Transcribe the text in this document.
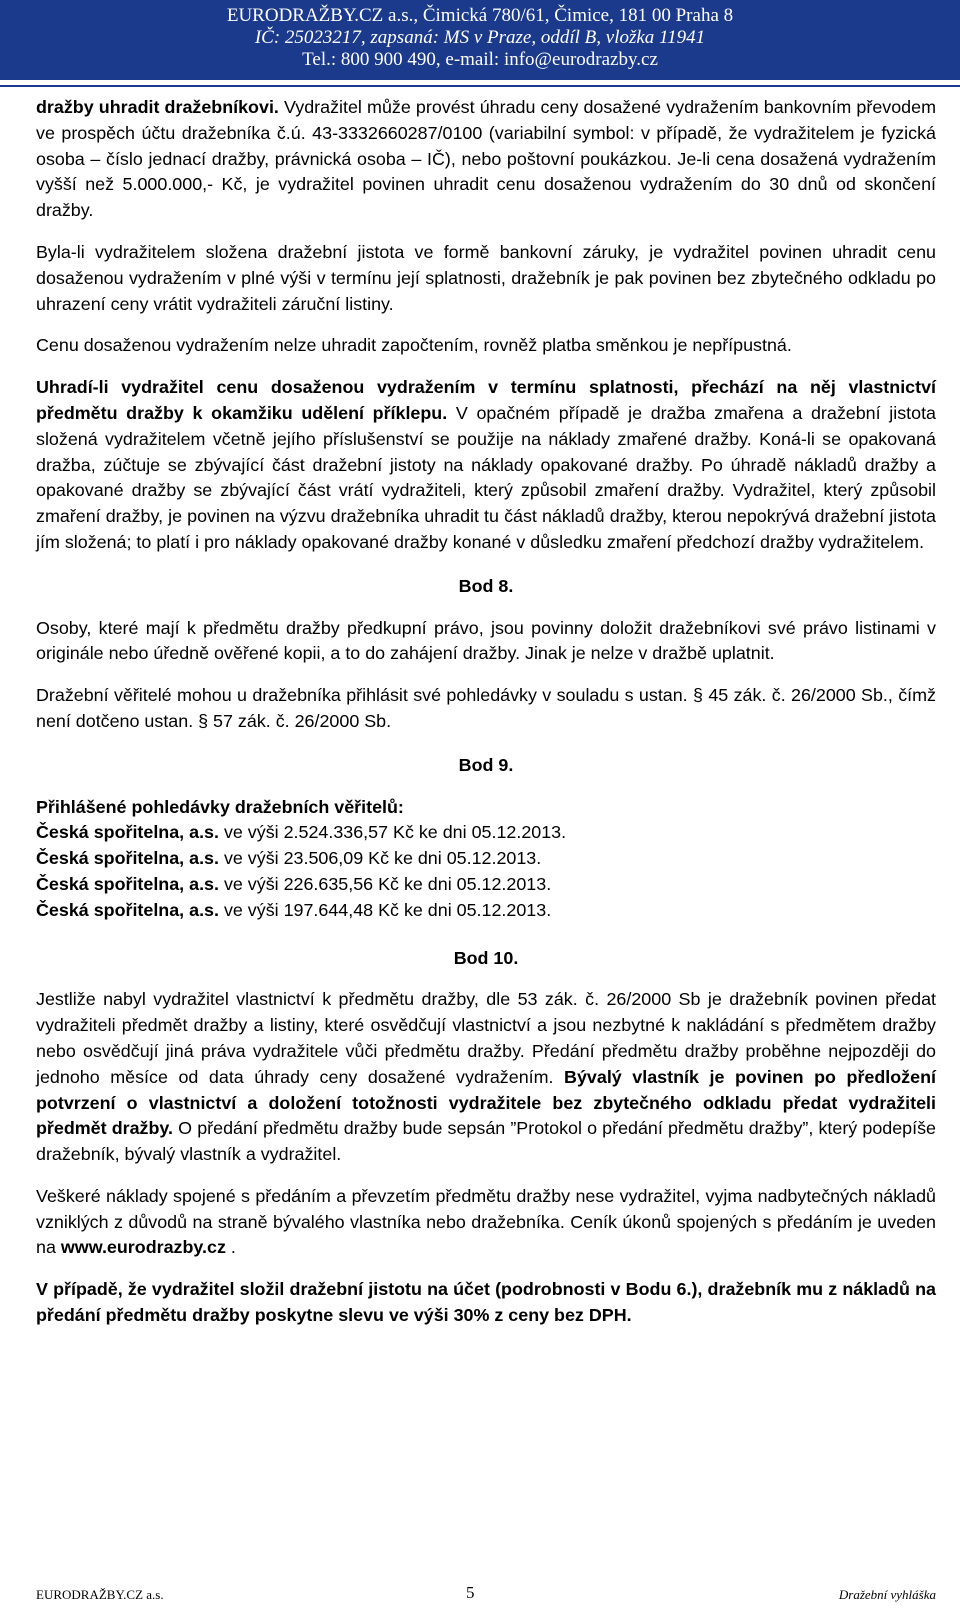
EURODRAŽBY.CZ a.s., Čimická 780/61, Čimice, 181 00 Praha 8
IČ: 25023217, zapsaná: MS v Praze, oddíl B, vložka 11941
Tel.: 800 900 490, e-mail: info@eurodrazby.cz

dražby uhradit dražebníkovi. Vydražitel může provést úhradu ceny dosažené vydražením bankovním převodem ve prospěch účtu dražebníka č.ú. 43-3332660287/0100 (variabilní symbol: v případě, že vydražitelem je fyzická osoba – číslo jednací dražby, právnická osoba – IČ), nebo poštovní poukázkou. Je-li cena dosažená vydražením vyšší než 5.000.000,- Kč, je vydražitel povinen uhradit cenu dosaženou vydražením do 30 dnů od skončení dražby.

Byla-li vydražitelem složena dražební jistota ve formě bankovní záruky, je vydražitel povinen uhradit cenu dosaženou vydražením v plné výši v termínu její splatnosti, dražebník je pak povinen bez zbytečného odkladu po uhrazení ceny vrátit vydražiteli záruční listiny.

Cenu dosaženou vydražením nelze uhradit započtením, rovněž platba směnkou je nepřípustná.

Uhradí-li vydražitel cenu dosaženou vydražením v termínu splatnosti, přechází na něj vlastnictví předmětu dražby k okamžiku udělení příklepu. V opačném případě je dražba zmařena a dražební jistota složená vydražitelem včetně jejího příslušenství se použije na náklady zmařené dražby. Koná-li se opakovaná dražba, zúčtuje se zbývající část dražební jistoty na náklady opakované dražby. Po úhradě nákladů dražby a opakované dražby se zbývající část vrátí vydražiteli, který způsobil zmaření dražby. Vydražitel, který způsobil zmaření dražby, je povinen na výzvu dražebníka uhradit tu část nákladů dražby, kterou nepokrývá dražební jistota jím složená; to platí i pro náklady opakované dražby konané v důsledku zmaření předchozí dražby vydražitelem.

Bod 8.

Osoby, které mají k předmětu dražby předkupní právo, jsou povinny doložit dražebníkovi své právo listinami v originále nebo úředně ověřené kopii, a to do zahájení dražby. Jinak je nelze v dražbě uplatnit.

Dražební věřitelé mohou u dražebníka přihlásit své pohledávky v souladu s ustan. § 45 zák. č. 26/2000 Sb., čímž není dotčeno ustan. § 57 zák. č. 26/2000 Sb.

Bod 9.

Přihlášené pohledávky dražebních věřitelů:
Česká spořitelna, a.s. ve výši 2.524.336,57 Kč ke dni 05.12.2013.
Česká spořitelna, a.s. ve výši 23.506,09 Kč ke dni 05.12.2013.
Česká spořitelna, a.s. ve výši 226.635,56 Kč ke dni 05.12.2013.
Česká spořitelna, a.s. ve výši 197.644,48 Kč ke dni 05.12.2013.

Bod 10.

Jestliže nabyl vydražitel vlastnictví k předmětu dražby, dle 53 zák. č. 26/2000 Sb je dražebník povinen předat vydražiteli předmět dražby a listiny, které osvědčují vlastnictví a jsou nezbytné k nakládání s předmětem dražby nebo osvědčují jiná práva vydražitele vůči předmětu dražby. Předání předmětu dražby proběhne nejpozději do jednoho měsíce od data úhrady ceny dosažené vydražením. Bývalý vlastník je povinen po předložení potvrzení o vlastnictví a doložení totožnosti vydražitele bez zbytečného odkladu předat vydražiteli předmět dražby. O předání předmětu dražby bude sepsán ”Protokol o předání předmětu dražby”, který podepíše dražebník, bývalý vlastník a vydražitel.

Veškeré náklady spojené s předáním a převzetím předmětu dražby nese vydražitel, vyjma nadbytečných nákladů vzniklých z důvodů na straně bývalého vlastníka nebo dražebníka. Ceník úkonů spojených s předáním je uveden na www.eurodrazby.cz .

V případě, že vydražitel složil dražební jistotu na účet (podrobnosti v Bodu 6.), dražebník mu z nákladů na předání předmětu dražby poskytne slevu ve výši 30% z ceny bez DPH.

EURODRAŽBY.CZ a.s.	5	Dražební vyhláška
